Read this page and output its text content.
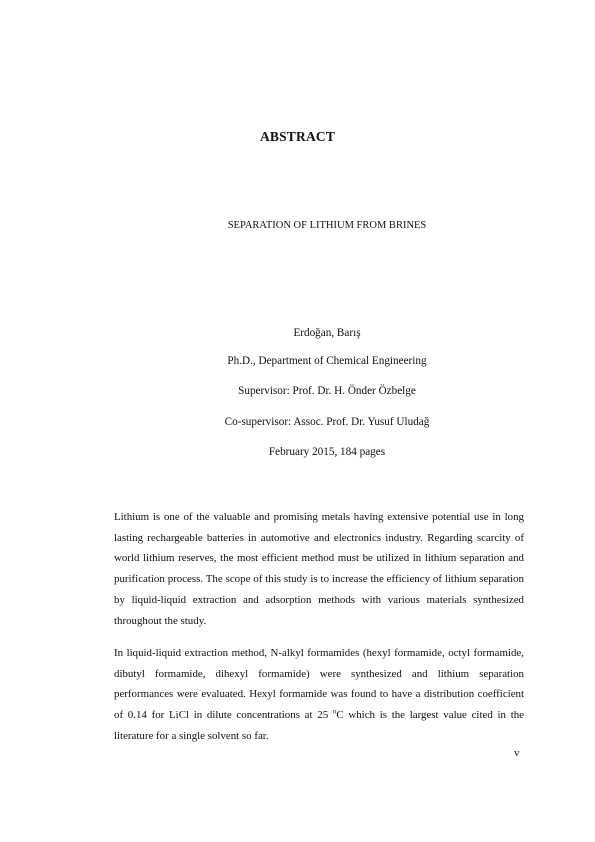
ABSTRACT
SEPARATION OF LITHIUM FROM BRINES
Erdoğan, Barış
Ph.D., Department of Chemical Engineering
Supervisor: Prof. Dr. H. Önder Özbelge
Co-supervisor: Assoc. Prof. Dr. Yusuf Uludağ
February 2015, 184 pages
Lithium is one of the valuable and promising metals having extensive potential use in long lasting rechargeable batteries in automotive and electronics industry. Regarding scarcity of world lithium reserves, the most efficient method must be utilized in lithium separation and purification process. The scope of this study is to increase the efficiency of lithium separation by liquid-liquid extraction and adsorption methods with various materials synthesized throughout the study.
In liquid-liquid extraction method, N-alkyl formamides (hexyl formamide, octyl formamide, dibutyl formamide, dihexyl formamide) were synthesized and lithium separation performances were evaluated. Hexyl formamide was found to have a distribution coefficient of 0.14 for LiCl in dilute concentrations at 25 $^o$C which is the largest value cited in the literature for a single solvent so far.
v
